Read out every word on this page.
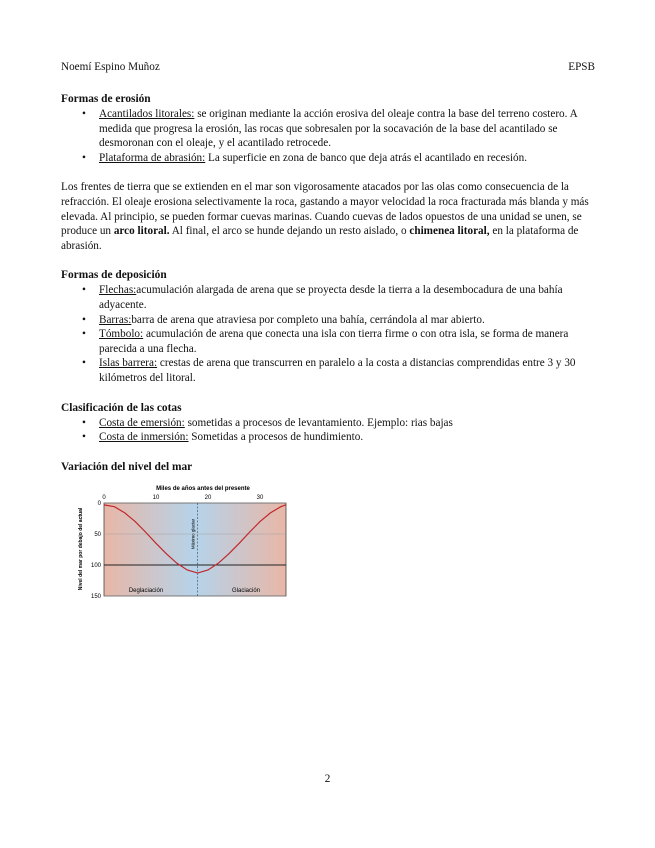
Noemí Espino Muñoz	EPSB
Formas de erosión
• Acantilados litorales: se originan mediante la acción erosiva del oleaje contra la base del terreno costero. A medida que progresa la erosión, las rocas que sobresalen por la socavación de la base del acantilado se desmoronan con el oleaje, y el acantilado retrocede.
• Plataforma de abrasión: La superficie en zona de banco que deja atrás el acantilado en recesión.

Los frentes de tierra que se extienden en el mar son vigorosamente atacados por las olas como consecuencia de la refracción. El oleaje erosiona selectivamente la roca, gastando a mayor velocidad la roca fracturada más blanda y más elevada. Al principio, se pueden formar cuevas marinas. Cuando cuevas de lados opuestos de una unidad se unen, se produce un arco litoral. Al final, el arco se hunde dejando un resto aislado, o chimenea litoral, en la plataforma de abrasión.

Formas de deposición
• Flechas:acumulación alargada de arena que se proyecta desde la tierra a la desembocadura de una bahía adyacente.
• Barras:barra de arena que atraviesa por completo una bahía, cerrándola al mar abierto.
• Tómbolo: acumulación de arena que conecta una isla con tierra firme o con otra isla, se forma de manera parecida a una flecha.
• Islas barrera: crestas de arena que transcurren en paralelo a la costa a distancias comprendidas entre 3 y 30 kilómetros del litoral.
Clasificación de las cotas
• Costa de emersión: sometidas a procesos de levantamiento. Ejemplo: rias bajas
• Costa de inmersión: Sometidas a procesos de hundimiento.
Variación del nivel del mar
Miles de años antes del presente
0	10	20	30
0
50
100
150
Nivel del mar por debajo del actual	Máximo glaciar
Deglaciación	Glaciación
2
